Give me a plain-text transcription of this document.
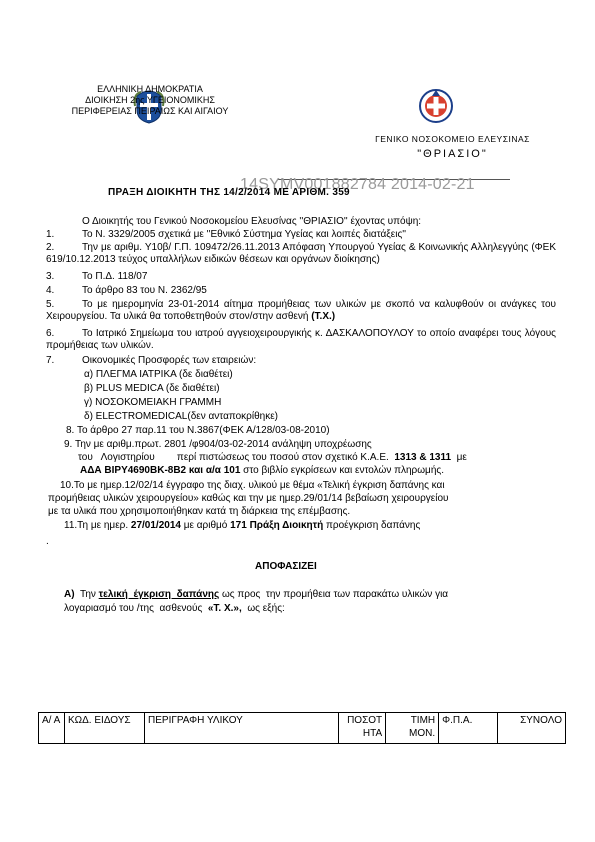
ΕΛΛΗΝΙΚΗ ΔΗΜΟΚΡΑΤΙΑ
ΔΙΟΙΚΗΣΗ 2ης ΥΓΕΙΟΝΟΜΙΚΗΣ
ΠΕΡΙΦΕΡΕΙΑΣ ΠΕΙΡΑΙΩΣ ΚΑΙ ΑΙΓΑΙΟΥ
ΓΕΝΙΚΟ ΝΟΣΟΚΟΜΕΙΟ ΕΛΕΥΣΙΝΑΣ
"ΘΡΙΑΣΙΟ"
14SYMV001882784 2014-02-21
ΠΡΑΞΗ ΔΙΟΙΚΗΤΗ ΤΗΣ 14/2/2014 ΜΕ ΑΡΙΘΜ. 359
Ο Διοικητής του Γενικού Νοσοκομείου Ελευσίνας ''ΘΡΙΑΣΙΟ'' έχοντας υπόψη:
1.	Το Ν. 3329/2005 σχετικά με ''Εθνικό Σύστημα Υγείας και λοιπές διατάξεις''
2.	Την με αριθμ. Υ10β/ Γ.Π. 109472/26.11.2013 Απόφαση Υπουργού Υγείας & Κοινωνικής Αλληλεγγύης (ΦΕΚ 619/10.12.2013 τεύχος υπαλλήλων ειδικών θέσεων και οργάνων διοίκησης)
3.	Το Π.Δ. 118/07
4.	Το άρθρο 83 του Ν. 2362/95
5.	Το με ημερομηνία 23-01-2014 αίτημα προμήθειας των υλικών με σκοπό να καλυφθούν οι ανάγκες του Χειρουργείου. Τα υλικά θα τοποθετηθούν στον/στην ασθενή (Τ.Χ.)
6.	Το Ιατρικό Σημείωμα του ιατρού αγγειοχειρουργικής κ. ΔΑΣΚΑΛΟΠΟΥΛΟΥ το οποίο αναφέρει τους λόγους προμήθειας των υλικών.
7.	Οικονομικές Προσφορές των εταιρειών:
α) ΠΛΕΓΜΑ ΙΑΤΡΙΚΑ (δε διαθέτει)
β) PLUS MEDICA (δε διαθέτει)
γ) ΝΟΣΟΚΟΜΕΙΑΚΗ ΓΡΑΜΜΗ
δ) ELECTROMEDICAL(δεν ανταποκρίθηκε)
8. Το άρθρο 27 παρ.11 του Ν.3867(ΦΕΚ Α/128/03-08-2010)
9. Την με αριθμ.πρωτ. 2801 /φ904/03-02-2014 ανάληψη υποχρέωσης
του   Λογιστηρίου        περί πιστώσεως του ποσού στον σχετικό Κ.Α.Ε. 1313 & 1311 με
ΑΔΑ ΒΙΡΥ4690ΒΚ-8Β2 και α/α 101 στο βιβλίο εγκρίσεων και εντολών πληρωμής.
10.Το με ημερ.12/02/14 έγγραφο της διαχ. υλικού με θέμα «Τελική έγκριση δαπάνης και
προμήθειας υλικών χειρουργείου» καθώς και την με ημερ.29/01/14 βεβαίωση χειρουργείου
με τα υλικά που χρησιμοποιήθηκαν κατά τη διάρκεια της επέμβασης.
11.Τη με ημερ. 27/01/2014 με αριθμό 171 Πράξη Διοικητή προέγκριση δαπάνης
.
ΑΠΟΦΑΣΙΖΕΙ
Α) Την τελική  έγκριση  δαπάνης ως προς  την προμήθεια των παρακάτω υλικών για
λογαριασμό του /της  ασθενούς «Τ. Χ.», ως εξής:
Α/ Α	ΚΩΔ. ΕΙΔΟΥΣ	ΠΕΡΙΓΡΑΦΗ ΥΛΙΚΟΥ	ΠΟΣΟΤ ΗΤΑ	ΤΙΜΗ ΜΟΝ.	Φ.Π.Α.	ΣΥΝΟΛΟ
